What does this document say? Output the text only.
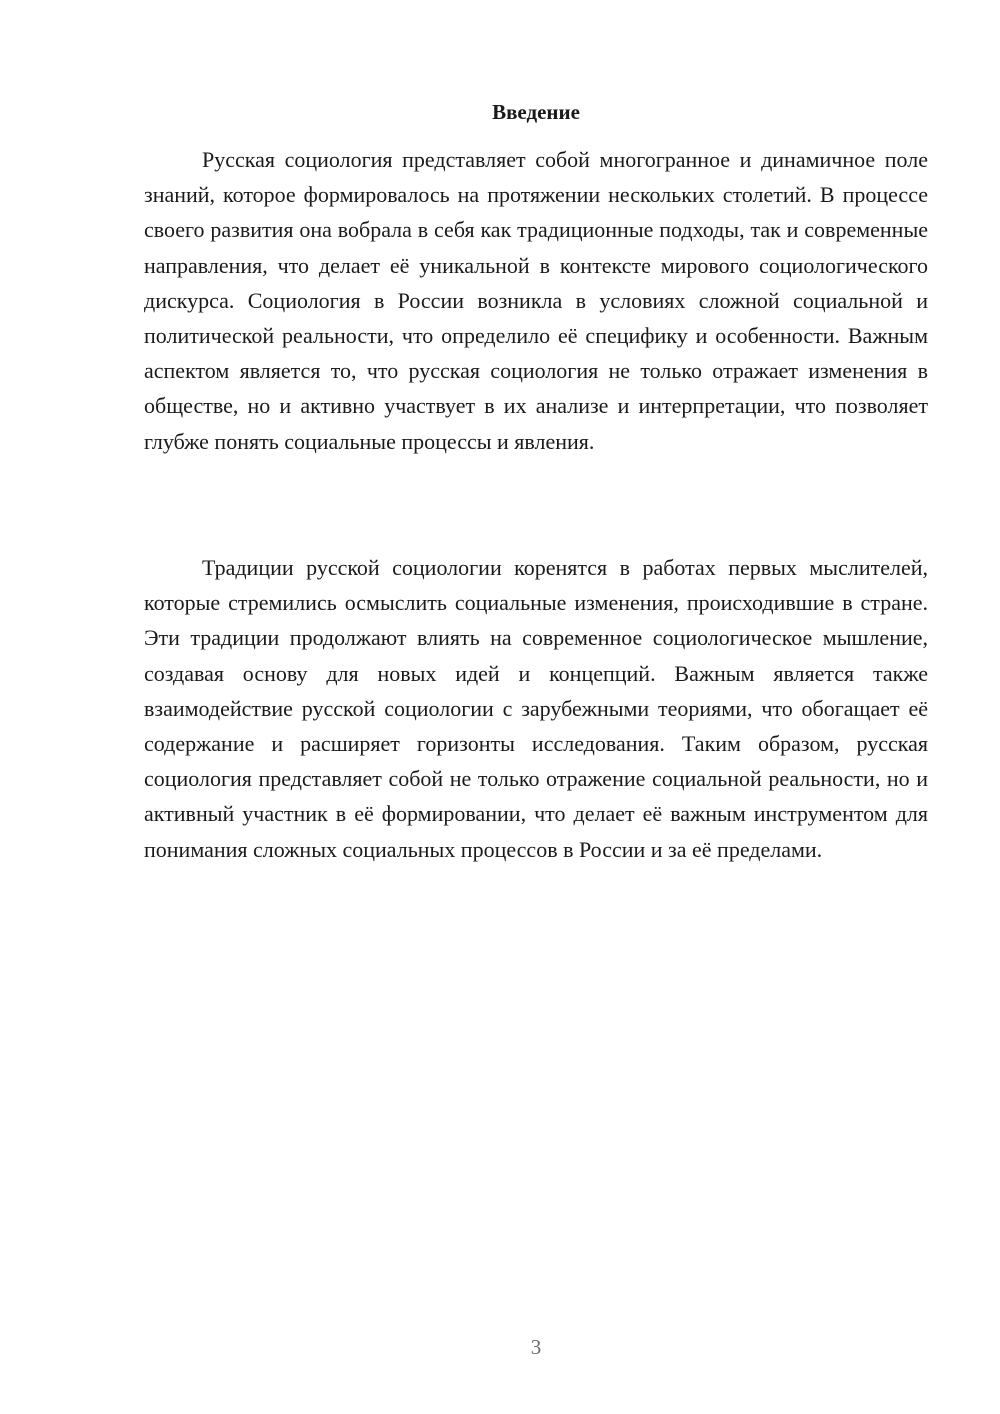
Введение

Русская социология представляет собой многогранное и динамичное поле знаний, которое формировалось на протяжении нескольких столетий. В процессе своего развития она вобрала в себя как традиционные подходы, так и современные направления, что делает её уникальной в контексте мирового социологического дискурса. Социология в России возникла в условиях сложной социальной и политической реальности, что определило её специфику и особенности. Важным аспектом является то, что русская социология не только отражает изменения в обществе, но и активно участвует в их анализе и интерпретации, что позволяет глубже понять социальные процессы и явления.

Традиции русской социологии коренятся в работах первых мыслителей, которые стремились осмыслить социальные изменения, происходившие в стране. Эти традиции продолжают влиять на современное социологическое мышление, создавая основу для новых идей и концепций. Важным является также взаимодействие русской социологии с зарубежными теориями, что обогащает её содержание и расширяет горизонты исследования. Таким образом, русская социология представляет собой не только отражение социальной реальности, но и активный участник в её формировании, что делает её важным инструментом для понимания сложных социальных процессов в России и за её пределами.

3
